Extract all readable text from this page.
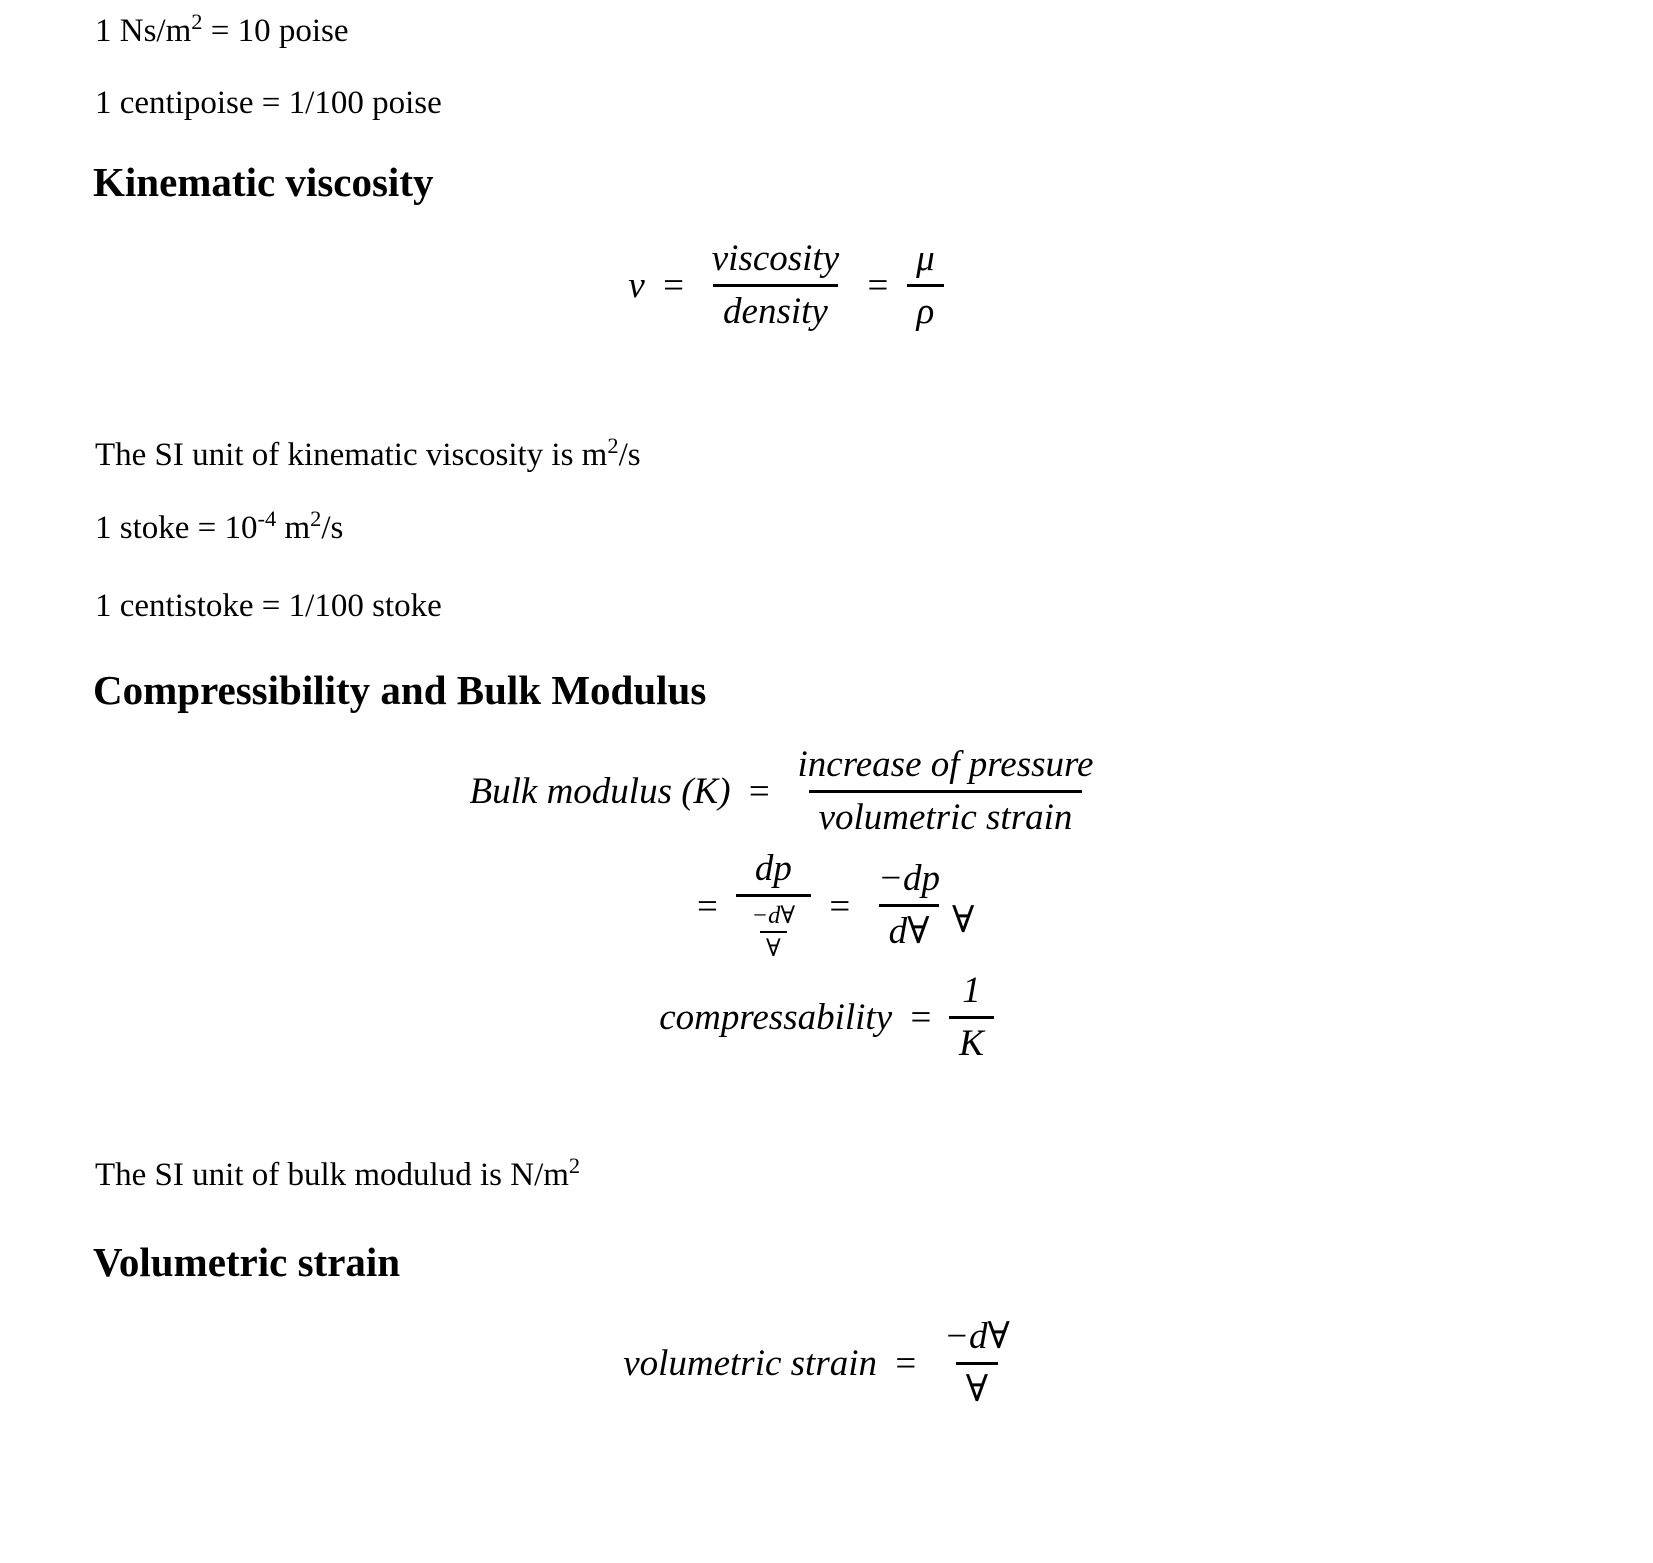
1 $Ns/m^2 = 10$ poise

1 centipoise = 1/100 poise

Kinematic viscosity
$\nu = \frac{\text{viscosity}}{\text{density}} = \frac{\mu}{\rho}$

The SI unit of kinematic viscosity is $m^2/s$

1 stoke = $10^{-4}$ $m^2/s$

1 centistoke = 1/100 stoke

Compressibility and Bulk Modulus
Bulk modulus $(K) = \frac{\text{increase of pressure}}{\text{volumetric strain}}$
= $\frac{dp}{\frac{-d\forall}{\forall}} = \frac{-dp}{d\forall}$ ∀
compressability = $\frac{1}{K}$

The SI unit of bulk modulud is $N/m^2$

Volumetric strain
volumetric strain = $\frac{-d\forall}{\forall}$
